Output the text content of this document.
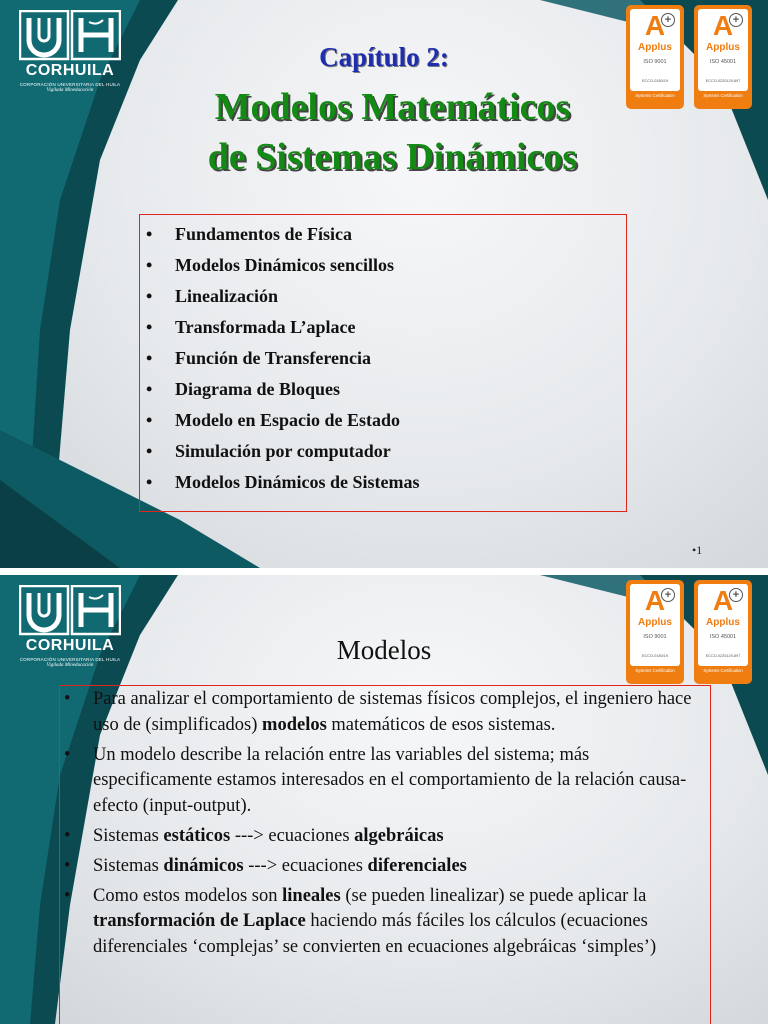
CORHUILA
CORPORACIÓN UNIVERSITARIA DEL HUILA
Vigilada Mineducación
A +
Applus
ISO 9001
ECCO-0180/19
Systems Certification
A +
Applus
ISO 45001
ECCO-0220129-897
Systems Certification
Capítulo 2:
Modelos Matemáticos
de Sistemas Dinámicos
• Fundamentos de Física
• Modelos Dinámicos sencillos
• Linealización
• Transformada L’aplace
• Función de Transferencia
• Diagrama de Bloques
• Modelo en Espacio de Estado
• Simulación por computador
• Modelos Dinámicos de Sistemas
•1
CORHUILA
CORPORACIÓN UNIVERSITARIA DEL HUILA
Vigilada Mineducación
A +
Applus
ISO 9001
ECCO-0180/19
Systems Certification
A +
Applus
ISO 45001
ECCO-0220129-897
Systems Certification
Modelos
• Para analizar el comportamiento de sistemas físicos complejos, el ingeniero hace uso de (simplificados) modelos matemáticos de esos sistemas.
• Un modelo describe la relación entre las variables del sistema; más especificamente estamos interesados en el comportamiento de la relación causa-efecto (input-output).
• Sistemas estáticos ---> ecuaciones algebráicas
• Sistemas dinámicos ---> ecuaciones diferenciales
• Como estos modelos son lineales (se pueden linealizar) se puede aplicar la transformación de Laplace haciendo más fáciles los cálculos (ecuaciones diferenciales ‘complejas’ se convierten en ecuaciones algebráicas ‘simples’)
